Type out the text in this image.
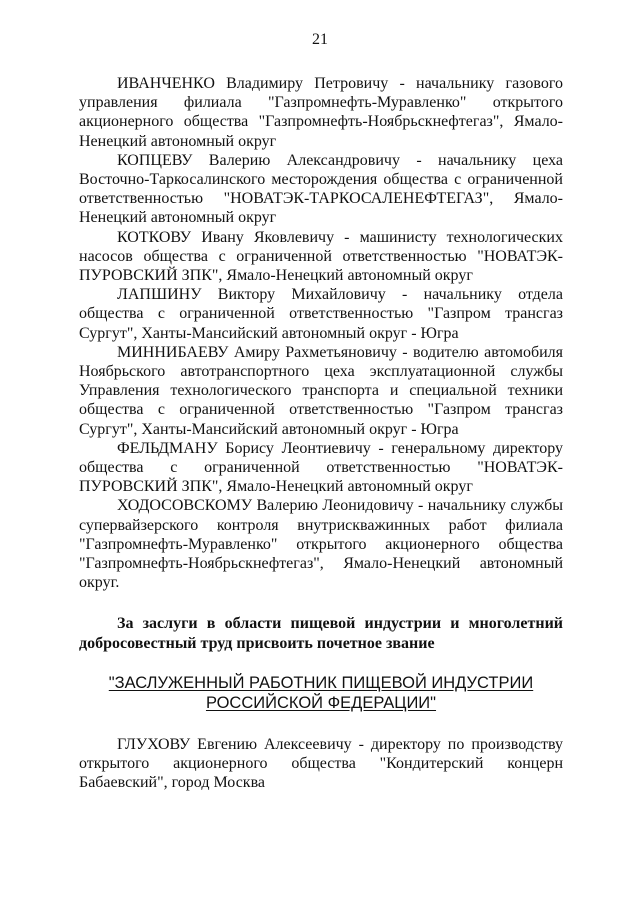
21

ИВАНЧЕНКО Владимиру Петровичу - начальнику газового управления филиала "Газпромнефть-Муравленко" открытого акционерного общества "Газпромнефть-Ноябрьскнефтегаз", Ямало-Ненецкий автономный округ

КОПЦЕВУ Валерию Александровичу - начальнику цеха Восточно-Таркосалинского месторождения общества с ограниченной ответственностью "НОВАТЭК-ТАРКОСАЛЕНЕФТЕГАЗ", Ямало-Ненецкий автономный округ

КОТКОВУ Ивану Яковлевичу - машинисту технологических насосов общества с ограниченной ответственностью "НОВАТЭК-ПУРОВСКИЙ ЗПК", Ямало-Ненецкий автономный округ

ЛАПШИНУ Виктору Михайловичу - начальнику отдела общества с ограниченной ответственностью "Газпром трансгаз Сургут", Ханты-Мансийский автономный округ - Югра

МИННИБАЕВУ Амиру Рахметьяновичу - водителю автомобиля Ноябрьского автотранспортного цеха эксплуатационной службы Управления технологического транспорта и специальной техники общества с ограниченной ответственностью "Газпром трансгаз Сургут", Ханты-Мансийский автономный округ - Югра

ФЕЛЬДМАНУ Борису Леонтиевичу - генеральному директору общества с ограниченной ответственностью "НОВАТЭК-ПУРОВСКИЙ ЗПК", Ямало-Ненецкий автономный округ

ХОДОСОВСКОМУ Валерию Леонидовичу - начальнику службы супервайзерского контроля внутрискважинных работ филиала "Газпромнефть-Муравленко" открытого акционерного общества "Газпромнефть-Ноябрьскнефтегаз", Ямало-Ненецкий автономный округ.

За заслуги в области пищевой индустрии и многолетний добросовестный труд присвоить почетное звание

"ЗАСЛУЖЕННЫЙ РАБОТНИК ПИЩЕВОЙ ИНДУСТРИИ
РОССИЙСКОЙ ФЕДЕРАЦИИ"

ГЛУХОВУ Евгению Алексеевичу - директору по производству открытого акционерного общества "Кондитерский концерн Бабаевский", город Москва
